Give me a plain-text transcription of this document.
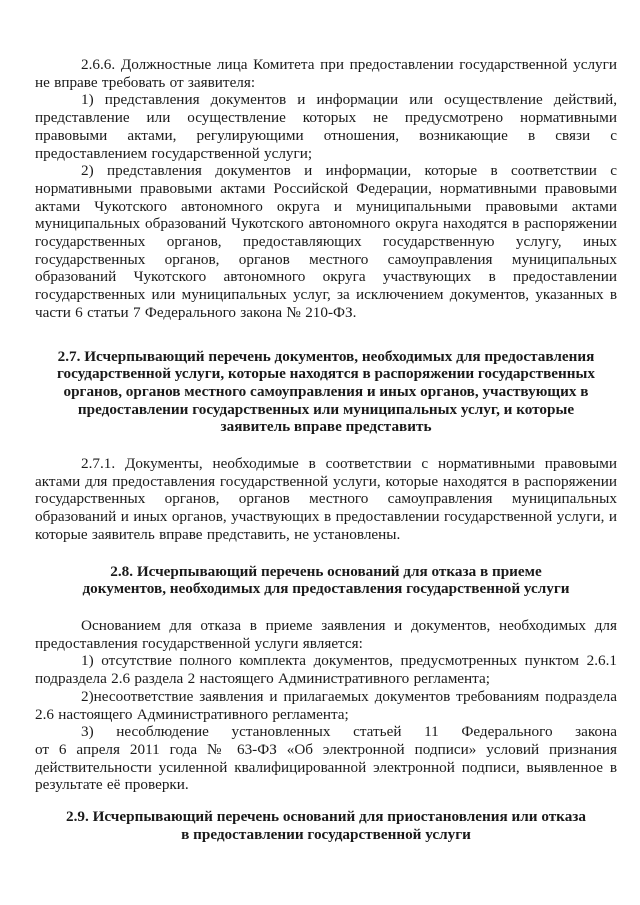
2.6.6. Должностные лица Комитета при предоставлении государственной услуги не вправе требовать от заявителя:

1) представления документов и информации или осуществление действий, представление или осуществление которых не предусмотрено нормативными правовыми актами, регулирующими отношения, возникающие в связи с предоставлением государственной услуги;

2) представления документов и информации, которые в соответствии с нормативными правовыми актами Российской Федерации, нормативными правовыми актами Чукотского автономного округа и муниципальными правовыми актами муниципальных образований Чукотского автономного округа находятся в распоряжении государственных органов, предоставляющих государственную услугу, иных государственных органов, органов местного самоуправления муниципальных образований Чукотского автономного округа участвующих в предоставлении государственных или муниципальных услуг, за исключением документов, указанных в части 6 статьи 7 Федерального закона № 210-ФЗ.

2.7. Исчерпывающий перечень документов, необходимых для предоставления
государственной услуги, которые находятся в распоряжении государственных
органов, органов местного самоуправления и иных органов, участвующих в
предоставлении государственных или муниципальных услуг, и которые
заявитель вправе представить

2.7.1. Документы, необходимые в соответствии с нормативными правовыми актами для предоставления государственной услуги, которые находятся в распоряжении государственных органов, органов местного самоуправления муниципальных образований и иных органов, участвующих в предоставлении государственной услуги, и которые заявитель вправе представить, не установлены.

2.8. Исчерпывающий перечень оснований для отказа в приеме
документов, необходимых для предоставления государственной услуги

Основанием для отказа в приеме заявления и документов, необходимых для предоставления государственной услуги является:

1) отсутствие полного комплекта документов, предусмотренных пунктом 2.6.1 подраздела 2.6 раздела 2 настоящего Административного регламента;

2)несоответствие заявления и прилагаемых документов требованиям подраздела 2.6 настоящего Административного регламента;

3) несоблюдение установленных статьей 11 Федерального закона от 6 апреля 2011 года № 63-ФЗ «Об электронной подписи» условий признания действительности усиленной квалифицированной электронной подписи, выявленное в результате её проверки.

2.9. Исчерпывающий перечень оснований для приостановления или отказа
в предоставлении государственной услуги
